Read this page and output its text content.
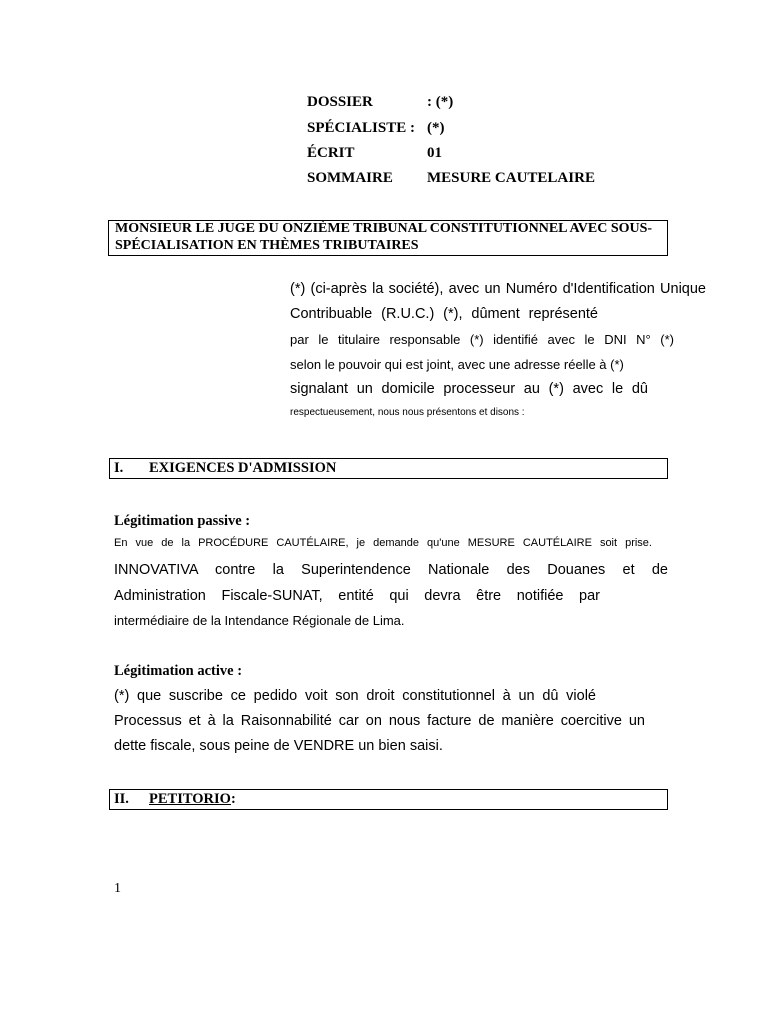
DOSSIER	: (*)
SPÉCIALISTE : (*)
ÉCRIT	01
SOMMAIRE MESURE CAUTELAIRE
MONSIEUR LE JUGE DU ONZIÈME TRIBUNAL CONSTITUTIONNEL AVEC SOUS-
SPÉCIALISATION EN THÈMES TRIBUTAIRES
(*) (ci-après la société), avec un Numéro d'Identification Unique
Contribuable (R.U.C.) (*), dûment représenté
par le titulaire responsable (*) identifié avec le DNI N° (*)
selon le pouvoir qui est joint, avec une adresse réelle à (*)
signalant un domicile processeur au (*) avec le dû
respectueusement, nous nous présentons et disons :
I. EXIGENCES D'ADMISSION
Légitimation passive :
En vue de la PROCÉDURE CAUTÉLAIRE, je demande qu'une MESURE CAUTÉLAIRE soit prise.
INNOVATIVA contre la Superintendence Nationale des Douanes et de
Administration Fiscale-SUNAT, entité qui devra être notifiée par
intermédiaire de la Intendance Régionale de Lima.
Légitimation active :
(*) que suscribe ce pedido voit son droit constitutionnel à un dû violé
Processus et à la Raisonnabilité car on nous facture de manière coercitive un
dette fiscale, sous peine de VENDRE un bien saisi.
II. PETITORIO:
1
